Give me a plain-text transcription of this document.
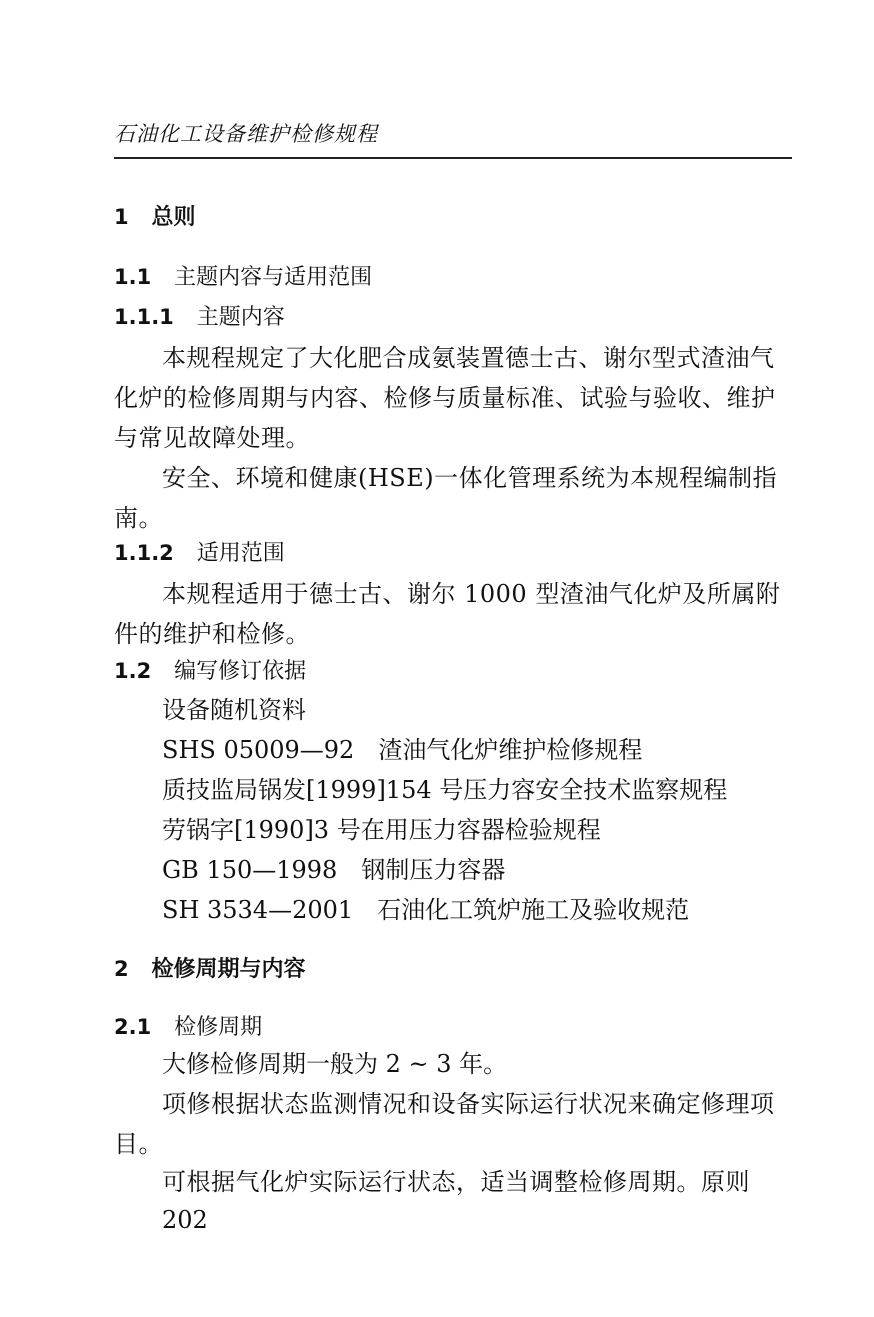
石油化工设备维护检修规程
1 总则
1.1 主题内容与适用范围
1.1.1 主题内容
本规程规定了大化肥合成氨装置德士古、谢尔型式渣油气化炉的检修周期与内容、检修与质量标准、试验与验收、维护与常见故障处理。
安全、环境和健康(HSE)一体化管理系统为本规程编制指南。
1.1.2 适用范围
本规程适用于德士古、谢尔 1000 型渣油气化炉及所属附件的维护和检修。
1.2 编写修订依据
设备随机资料
SHS 05009—92　渣油气化炉维护检修规程
质技监局锅发[1999]154 号压力容安全技术监察规程
劳锅字[1990]3 号在用压力容器检验规程
GB 150—1998　钢制压力容器
SH 3534—2001　石油化工筑炉施工及验收规范
2 检修周期与内容
2.1 检修周期
大修检修周期一般为 2 ~ 3 年。
项修根据状态监测情况和设备实际运行状况来确定修理项目。
可根据气化炉实际运行状态，适当调整检修周期。原则
202
